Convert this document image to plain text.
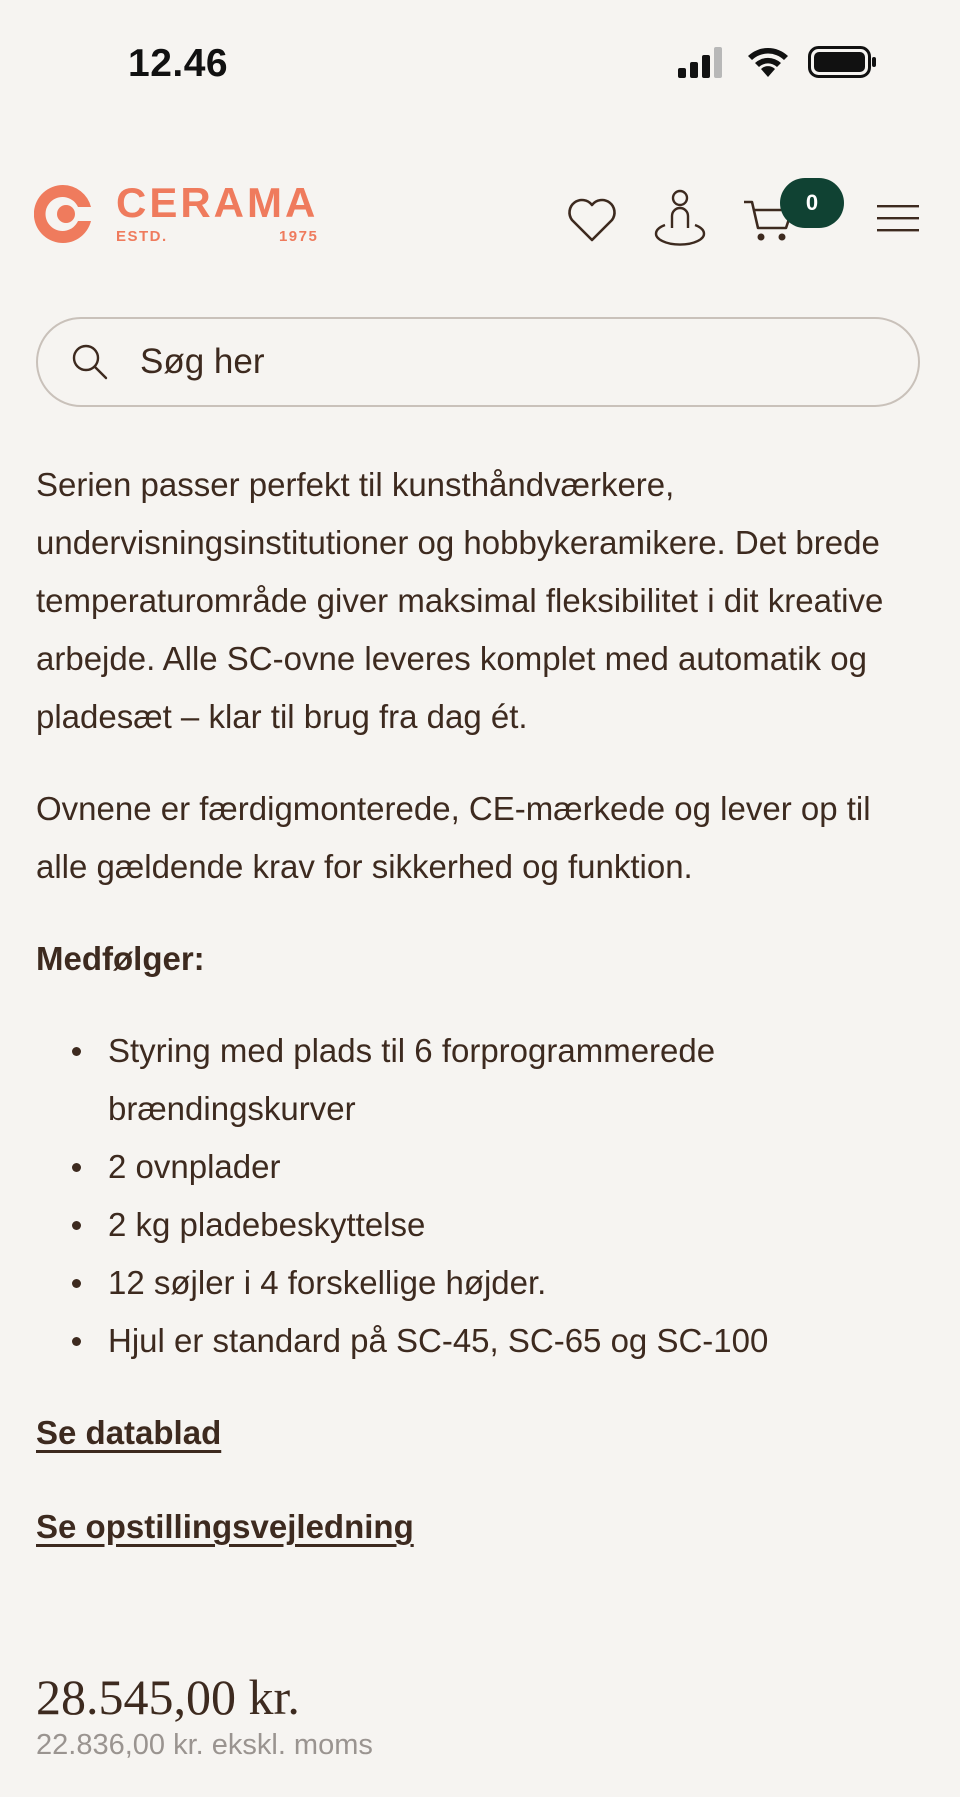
12.46
CERAMA
ESTD.	1975
0
Søg her

Serien passer perfekt til kunsthåndværkere, undervisningsinstitutioner og hobbykeramikere. Det brede temperaturområde giver maksimal fleksibilitet i dit kreative arbejde. Alle SC-ovne leveres komplet med automatik og pladesæt – klar til brug fra dag ét.

Ovnene er færdigmonterede, CE-mærkede og lever op til alle gældende krav for sikkerhed og funktion.

Medfølger:

Styring med plads til 6 forprogrammerede brændingskurver
2 ovnplader
2 kg pladebeskyttelse
12 søjler i 4 forskellige højder.
Hjul er standard på SC-45, SC-65 og SC-100
Se datablad
Se opstillingsvejledning
28.545,00 kr.
22.836,00 kr. ekskl. moms
